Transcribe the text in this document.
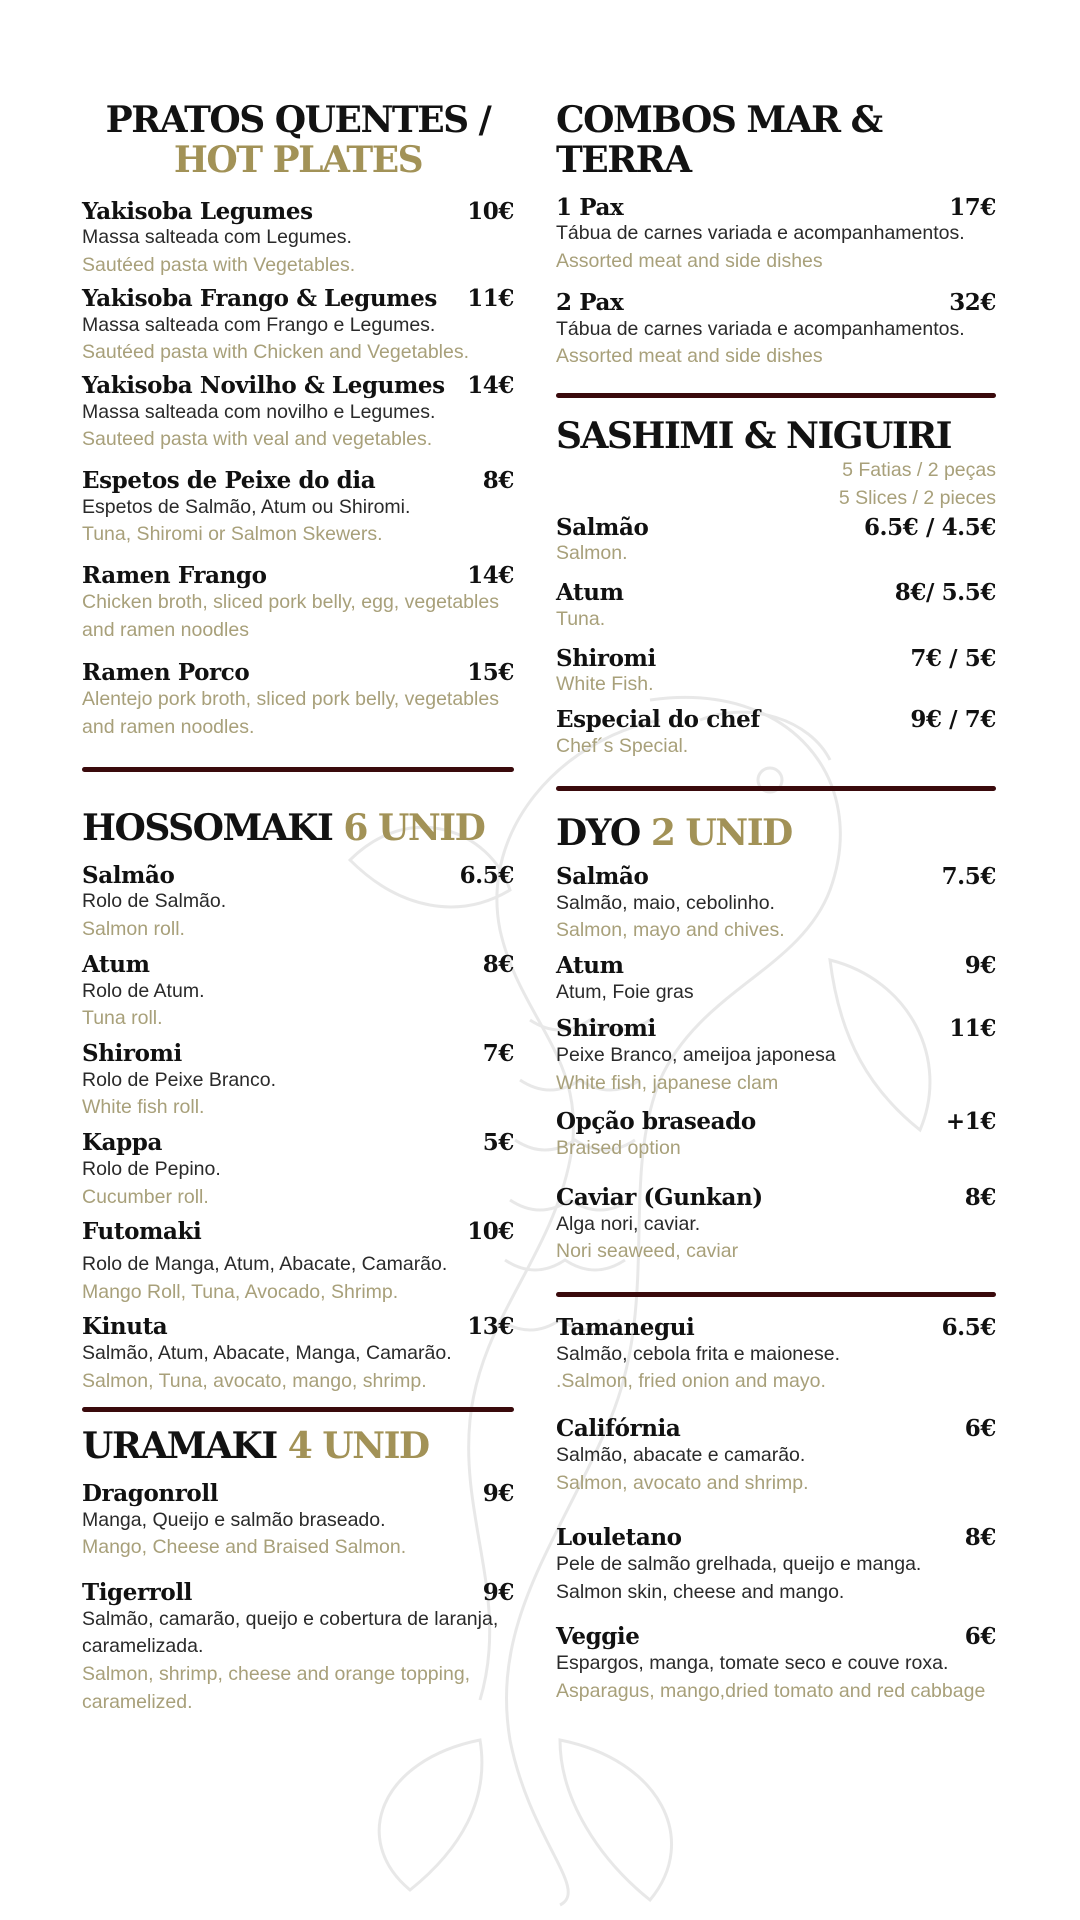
PRATOS QUENTES /
HOT PLATES
Yakisoba Legumes	10€
Massa salteada com Legumes.
Sautéed pasta with Vegetables.
Yakisoba Frango & Legumes 11€
Massa salteada com Frango e Legumes.
Sautéed pasta with Chicken and Vegetables.
Yakisoba Novilho & Legumes 14€
Massa salteada com novilho e Legumes.
Sauteed pasta with veal and vegetables.
Espetos de Peixe do dia	8€
Espetos de Salmão, Atum ou Shiromi.
Tuna, Shiromi or Salmon Skewers.
Ramen Frango	14€
Chicken broth, sliced pork belly, egg, vegetables and ramen noodles
Ramen Porco	15€
Alentejo pork broth, sliced pork belly, vegetables and ramen noodles.
HOSSOMAKI 6 UNID
Salmão	6.5€
Rolo de Salmão.
Salmon roll.
Atum	8€
Rolo de Atum.
Tuna roll.
Shiromi	7€
Rolo de Peixe Branco.
White fish roll.
Kappa	5€
Rolo de Pepino.
Cucumber roll.
Futomaki	10€
Rolo de Manga, Atum, Abacate, Camarão.
Mango Roll, Tuna, Avocado, Shrimp.
Kinuta	13€
Salmão, Atum, Abacate, Manga, Camarão.
Salmon, Tuna, avocato, mango, shrimp.
URAMAKI 4 UNID
Dragonroll	9€
Manga, Queijo e salmão braseado.
Mango, Cheese and Braised Salmon.
Tigerroll	9€
Salmão, camarão, queijo e cobertura de laranja, caramelizada.
Salmon, shrimp, cheese and orange topping, caramelized.
COMBOS MAR & TERRA
1 Pax	17€
Tábua de carnes variada e acompanhamentos.
Assorted meat and side dishes
2 Pax	32€
Tábua de carnes variada e acompanhamentos.
Assorted meat and side dishes
SASHIMI & NIGUIRI
5 Fatias / 2 peças
5 Slices / 2 pieces
Salmão	6.5€ / 4.5€
Salmon.
Atum	8€/ 5.5€
Tuna.
Shiromi	7€ / 5€
White Fish.
Especial do chef	9€ / 7€
Chef´s Special.
DYO 2 UNID
Salmão	7.5€
Salmão, maio, cebolinho.
Salmon, mayo and chives.
Atum	9€
Atum, Foie gras
Shiromi	11€
Peixe Branco, ameijoa japonesa
White fish, japanese clam
Opção braseado	+1€
Braised option
Caviar (Gunkan)	8€
Alga nori, caviar.
Nori seaweed, caviar
Tamanegui	6.5€
Salmão, cebola frita e maionese.
.Salmon, fried onion and mayo.
Califórnia	6€
Salmão, abacate e camarão.
Salmon, avocato and shrimp.
Louletano	8€
Pele de salmão grelhada, queijo e manga.
Salmon skin, cheese and mango.
Veggie	6€
Espargos, manga, tomate seco e couve roxa.
Asparagus, mango,dried tomato and red cabbage
